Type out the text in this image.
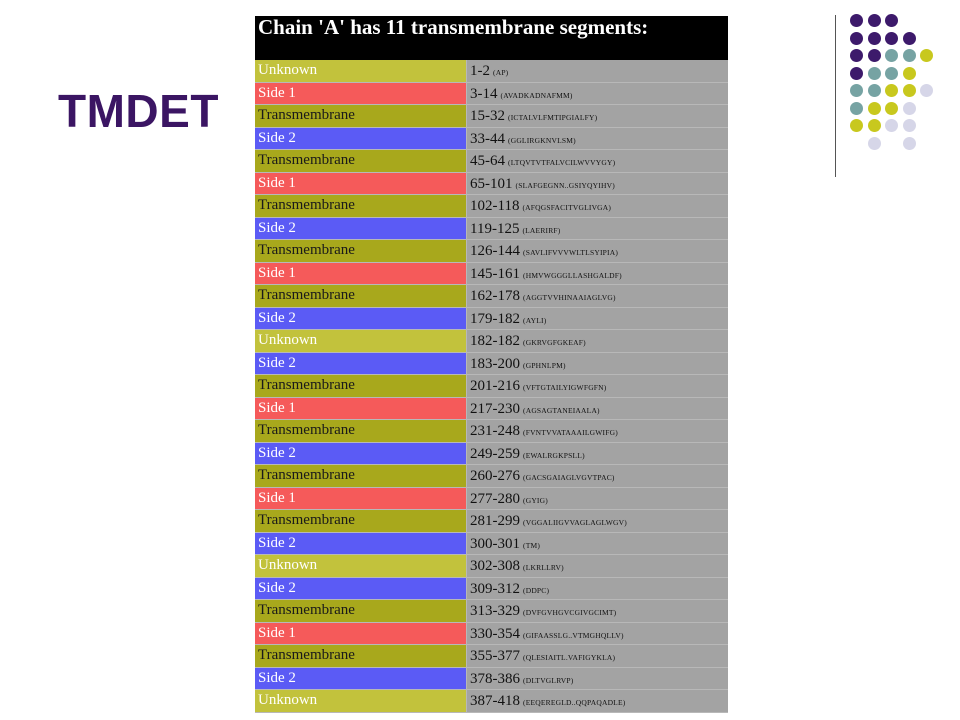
TMDET
Chain 'A' has 11 transmembrane segments:
Unknown	1-2 (AP)
Side 1	3-14 (AVADKADNAFMM)
Transmembrane	15-32 (ICTALVLFMTIPGIALFY)
Side 2	33-44 (GGLIRGKNVLSM)
Transmembrane	45-64 (LTQVTVTFALVCILWVVYGY)
Side 1	65-101 (SLAFGEGNN..GSIYQYIHV)
Transmembrane	102-118 (AFQGSFACITVGLIVGA)
Side 2	119-125 (LAERIRF)
Transmembrane	126-144 (SAVLIFVVVWLTLSYIPIA)
Side 1	145-161 (HMVWGGGLLASHGALDF)
Transmembrane	162-178 (AGGTVVHINAAIAGLVG)
Side 2	179-182 (AYLI)
Unknown	182-182 (GKRVGFGKEAF)
Side 2	183-200 (GPHNLPM)
Transmembrane	201-216 (VFTGTAILYIGWFGFN)
Side 1	217-230 (AGSAGTANEIAALA)
Transmembrane	231-248 (FVNTVVATAAAILGWIFG)
Side 2	249-259 (EWALRGKPSLL)
Transmembrane	260-276 (GACSGAIAGLVGVTPAC)
Side 1	277-280 (GYIG)
Transmembrane	281-299 (VGGALIIGVVAGLAGLWGV)
Side 2	300-301 (TM)
Unknown	302-308 (LKRLLRV)
Side 2	309-312 (DDPC)
Transmembrane	313-329 (DVFGVHGVCGIVGCIMT)
Side 1	330-354 (GIFAASSLG..VTMGHQLLV)
Transmembrane	355-377 (QLESIAITL.VAFIGYKLA)
Side 2	378-386 (DLTVGLRVP)
Unknown	387-418 (EEQEREGLD..QQPAQADLE)
